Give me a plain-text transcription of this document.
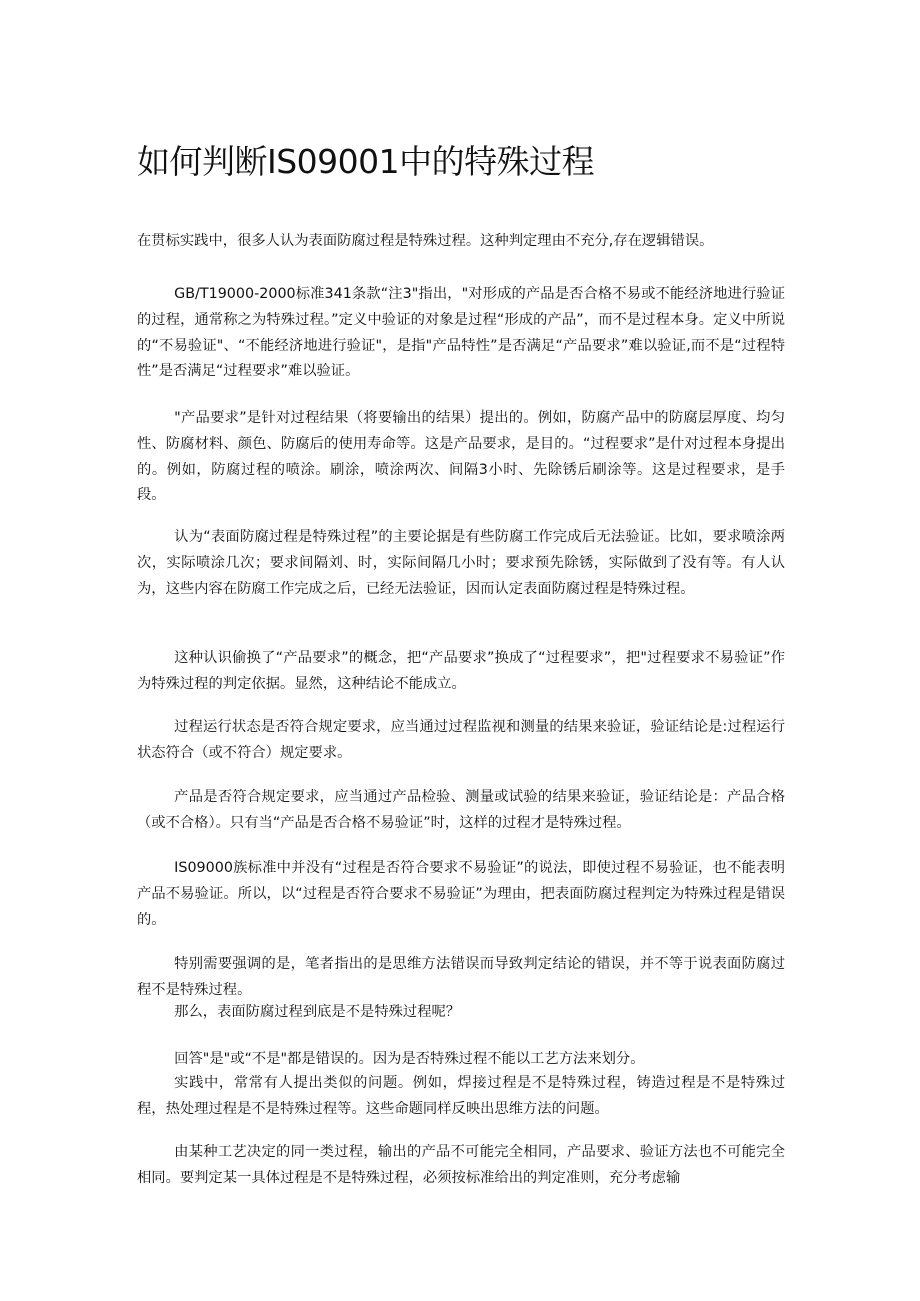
如何判断IS09001中的特殊过程

在贯标实践中，很多人认为表面防腐过程是特殊过程。这种判定理由不充分,存在逻辑错误。

GB/T19000-2000标准341条款“注3"指出，"对形成的产品是否合格不易或不能经济地进行验证的过程，通常称之为特殊过程。”定义中验证的对象是过程“形成的产品”，而不是过程本身。定义中所说的“不易验证"、“不能经济地进行验证"，是指"产品特性”是否满足“产品要求”难以验证,而不是“过程特性”是否满足“过程要求”难以验证。

"产品要求”是针对过程结果（将要输出的结果）提出的。例如，防腐产品中的防腐层厚度、均匀性、防腐材料、颜色、防腐后的使用寿命等。这是产品要求，是目的。“过程要求”是什对过程本身提出的。例如，防腐过程的喷涂。刷涂，喷涂两次、间隔3小时、先除锈后刷涂等。这是过程要求，是手段。

认为“表面防腐过程是特殊过程”的主要论据是有些防腐工作完成后无法验证。比如，要求喷涂两次，实际喷涂几次；要求间隔刘、时，实际间隔几小时；要求预先除锈，实际做到了没有等。有人认为，这些内容在防腐工作完成之后，已经无法验证，因而认定表面防腐过程是特殊过程。

这种认识偷换了“产品要求”的概念，把“产品要求”换成了“过程要求”，把"过程要求不易验证”作为特殊过程的判定依据。显然，这种结论不能成立。

过程运行状态是否符合规定要求，应当通过过程监视和测量的结果来验证，验证结论是:过程运行状态符合（或不符合）规定要求。

产品是否符合规定要求，应当通过产品检验、测量或试验的结果来验证，验证结论是：产品合格（或不合格）。只有当“产品是否合格不易验证”时，这样的过程才是特殊过程。

IS09000族标准中并没有“过程是否符合要求不易验证”的说法，即使过程不易验证，也不能表明产品不易验证。所以，以“过程是否符合要求不易验证”为理由，把表面防腐过程判定为特殊过程是错误的。

特别需要强调的是，笔者指出的是思维方法错误而导致判定结论的错误，并不等于说表面防腐过程不是特殊过程。

那么，表面防腐过程到底是不是特殊过程呢？

回答"是"或“不是"都是错误的。因为是否特殊过程不能以工艺方法来划分。

实践中，常常有人提出类似的问题。例如，焊接过程是不是特殊过程，铸造过程是不是特殊过程，热处理过程是不是特殊过程等。这些命题同样反映出思维方法的问题。

由某种工艺决定的同一类过程，输出的产品不可能完全相同，产品要求、验证方法也不可能完全相同。要判定某一具体过程是不是特殊过程，必须按标准给出的判定准则，充分考虑输
